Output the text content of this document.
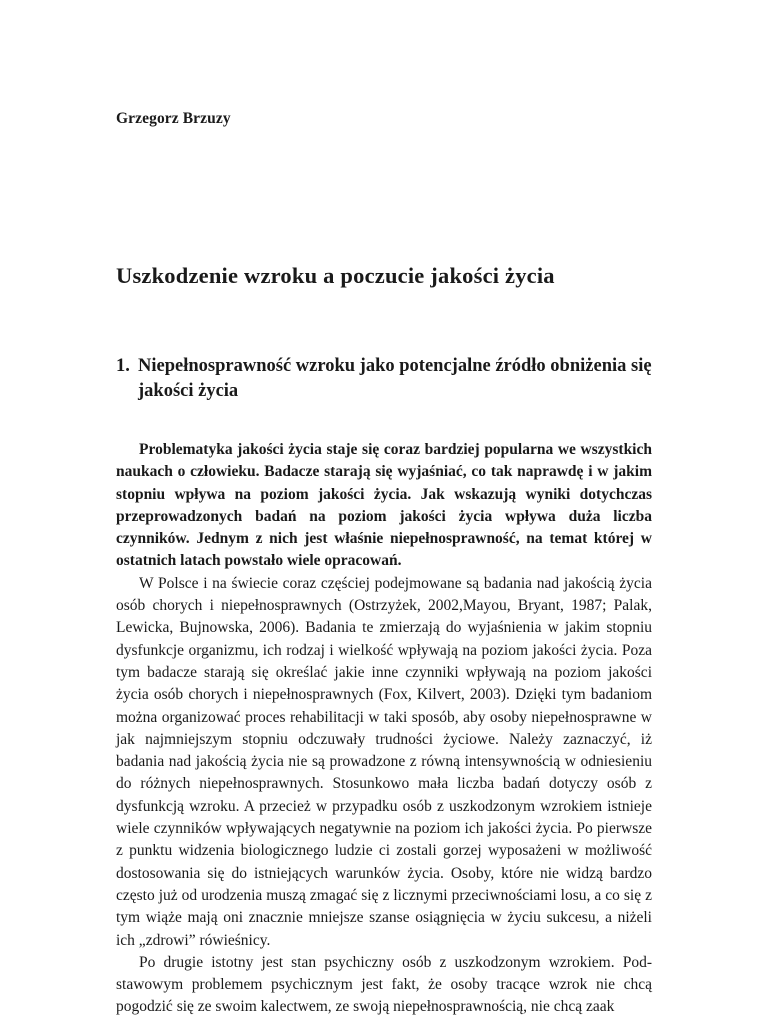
Grzegorz Brzuzy
Uszkodzenie wzroku a poczucie jakości życia
1. Niepełnosprawność wzroku jako potencjalne źródło obniżenia się jakości życia

Problematyka jakości życia staje się coraz bardziej popularna we wszystkich naukach o człowieku. Badacze starają się wyjaśniać, co tak naprawdę i w jakim stopniu wpływa na poziom jakości życia. Jak wskazują wyniki dotychczas przeprowadzonych badań na poziom jakości życia wpływa duża liczba czynników. Jednym z nich jest właśnie niepełnosprawność, na temat której w ostatnich latach powstało wiele opracowań.

W Polsce i na świecie coraz częściej podejmowane są badania nad jakością życia osób chorych i niepełnosprawnych (Ostrzyżek, 2002,Mayou, Bryant, 1987; Palak, Lewicka, Bujnowska, 2006). Badania te zmierzają do wyjaśnienia w jakim stopniu dysfunkcje organizmu, ich rodzaj i wielkość wpływają na poziom jakości życia. Poza tym badacze starają się określać jakie inne czynniki wpływają na poziom jakości życia osób chorych i niepełnosprawnych (Fox, Kilvert, 2003). Dzięki tym badaniom można organizować proces rehabilitacji w taki sposób, aby osoby niepełnosprawne w jak najmniejszym stopniu odczuwały trudności życiowe. Należy zaznaczyć, iż badania nad jakością życia nie są prowadzone z równą intensywnością w odniesieniu do różnych niepełnosprawnych. Stosunkowo mała liczba badań dotyczy osób z dysfunkcją wzroku. A przecież w przypadku osób z uszkodzonym wzrokiem istnieje wiele czynników wpływających negatywnie na poziom ich jakości życia. Po pierwsze z punktu widzenia biologicznego ludzie ci zostali gorzej wyposażeni w możliwość dostosowania się do istniejących warunków życia. Osoby, które nie widzą bardzo często już od urodzenia muszą zmagać się z licznymi przeciwnościami losu, a co się z tym wiąże mają oni znacznie mniejsze szanse osiągnięcia w życiu sukcesu, a niżeli ich „zdrowi” rówieśnicy.

Po drugie istotny jest stan psychiczny osób z uszkodzonym wzrokiem. Podstawowym problemem psychicznym jest fakt, że osoby tracące wzrok nie chcą pogodzić się ze swoim kalectwem, ze swoją niepełnosprawnością, nie chcą zaak
